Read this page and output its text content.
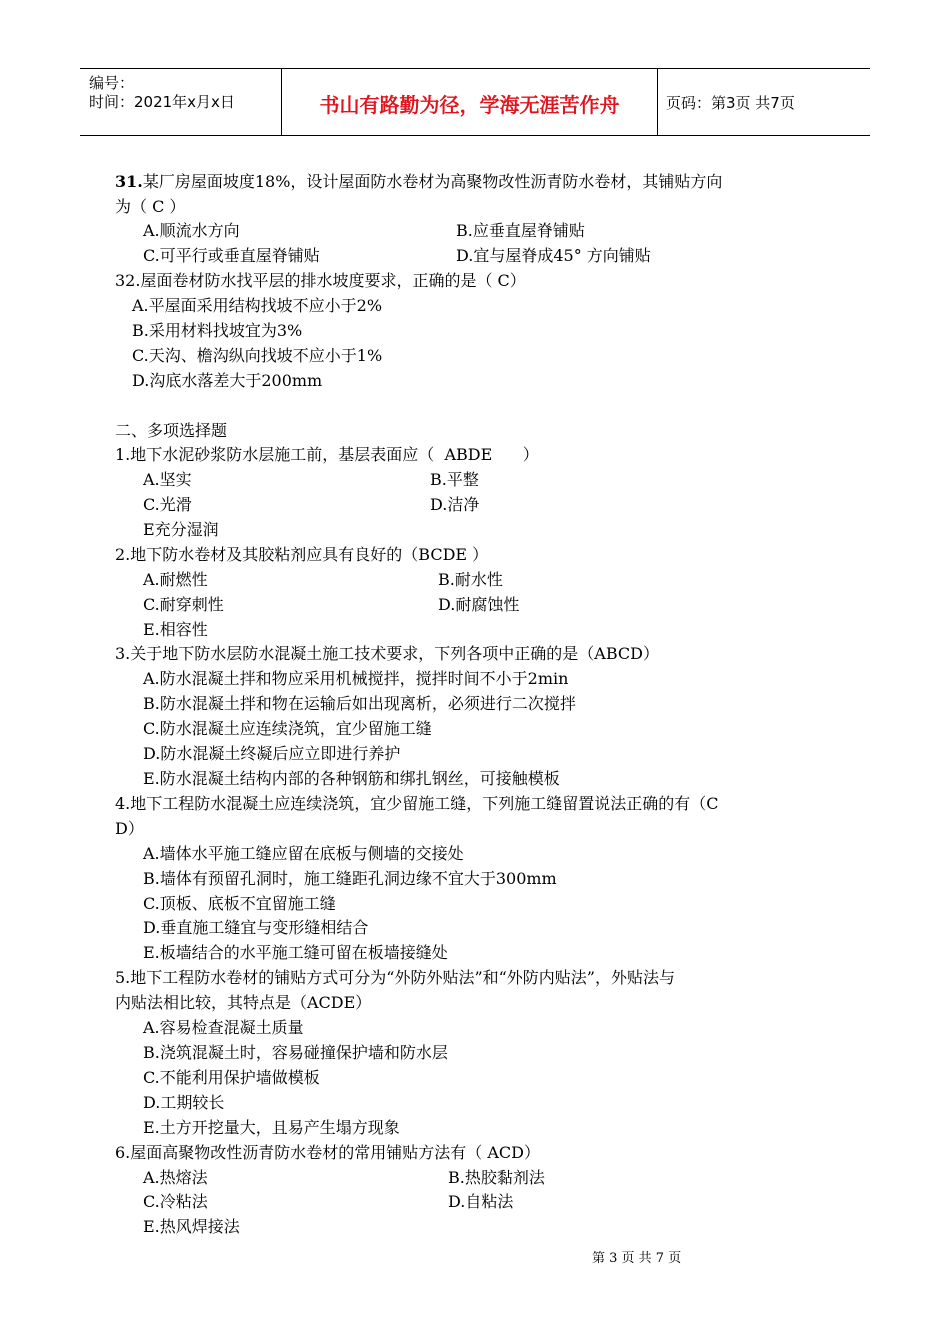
编号：
时间：2021年x月x日	书山有路勤为径，学海无涯苦作舟	页码：第3页 共7页
31.某厂房屋面坡度18%，设计屋面防水卷材为高聚物改性沥青防水卷材，其铺贴方向
为（ C ）
A.顺流水方向	B.应垂直屋脊铺贴
C.可平行或垂直屋脊铺贴	D.宜与屋脊成45° 方向铺贴
32.屋面卷材防水找平层的排水坡度要求，正确的是（ C）
A.平屋面采用结构找坡不应小于2%
B.采用材料找坡宜为3%
C.天沟、檐沟纵向找坡不应小于1%
D.沟底水落差大于200mm
二、多项选择题
1.地下水泥砂浆防水层施工前，基层表面应（  ABDE      ）
A.坚实	B.平整
C.光滑	D.洁净
E充分湿润
2.地下防水卷材及其胶粘剂应具有良好的（BCDE ）
A.耐燃性	B.耐水性
C.耐穿刺性	D.耐腐蚀性
E.相容性
3.关于地下防水层防水混凝土施工技术要求，下列各项中正确的是（ABCD）
A.防水混凝土拌和物应采用机械搅拌，搅拌时间不小于2min
B.防水混凝土拌和物在运输后如出现离析，必须进行二次搅拌
C.防水混凝土应连续浇筑，宜少留施工缝
D.防水混凝土终凝后应立即进行养护
E.防水混凝土结构内部的各种钢筋和绑扎钢丝，可接触模板
4.地下工程防水混凝土应连续浇筑，宜少留施工缝，下列施工缝留置说法正确的有（C
D）
A.墙体水平施工缝应留在底板与侧墙的交接处
B.墙体有预留孔洞时，施工缝距孔洞边缘不宜大于300mm
C.顶板、底板不宜留施工缝
D.垂直施工缝宜与变形缝相结合
E.板墙结合的水平施工缝可留在板墙接缝处
5.地下工程防水卷材的铺贴方式可分为“外防外贴法”和“外防内贴法”，外贴法与
内贴法相比较，其特点是（ACDE）
A.容易检查混凝土质量
B.浇筑混凝土时，容易碰撞保护墙和防水层
C.不能利用保护墙做模板
D.工期较长
E.土方开挖量大，且易产生塌方现象
6.屋面高聚物改性沥青防水卷材的常用铺贴方法有（ ACD）
A.热熔法	B.热胶黏剂法
C.冷粘法	D.自粘法
E.热风焊接法
第 3 页 共 7 页
